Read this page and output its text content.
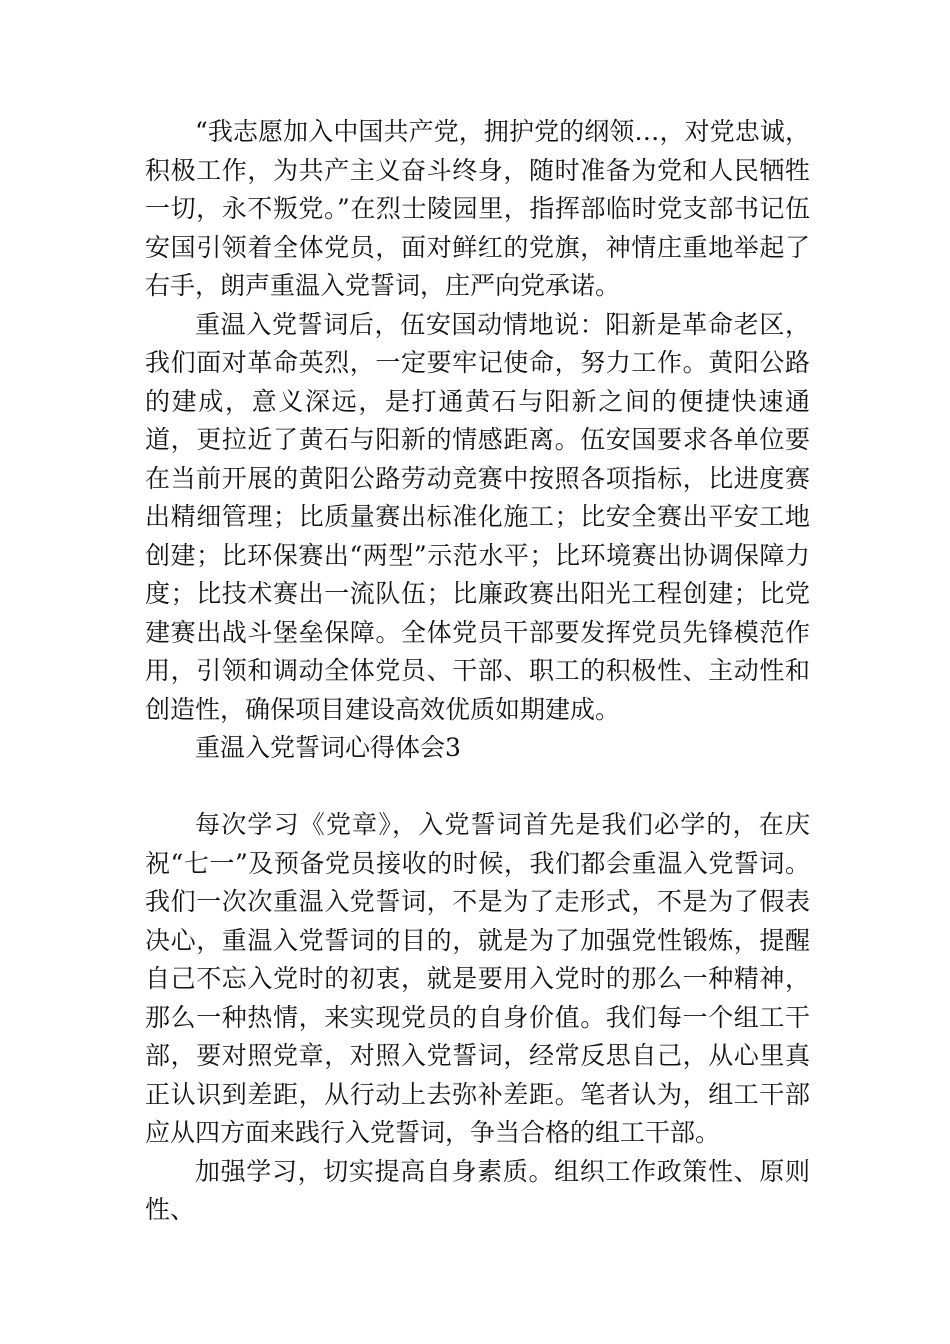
“我志愿加入中国共产党，拥护党的纲领…，对党忠诚，积极工作，为共产主义奋斗终身，随时准备为党和人民牺牲一切，永不叛党。”在烈士陵园里，指挥部临时党支部书记伍安国引领着全体党员，面对鲜红的党旗，神情庄重地举起了右手，朗声重温入党誓词，庄严向党承诺。

重温入党誓词后，伍安国动情地说：阳新是革命老区，我们面对革命英烈，一定要牢记使命，努力工作。黄阳公路的建成，意义深远，是打通黄石与阳新之间的便捷快速通道，更拉近了黄石与阳新的情感距离。伍安国要求各单位要在当前开展的黄阳公路劳动竞赛中按照各项指标，比进度赛出精细管理；比质量赛出标准化施工；比安全赛出平安工地创建；比环保赛出“两型”示范水平；比环境赛出协调保障力度；比技术赛出一流队伍；比廉政赛出阳光工程创建；比党建赛出战斗堡垒保障。全体党员干部要发挥党员先锋模范作用，引领和调动全体党员、干部、职工的积极性、主动性和创造性，确保项目建设高效优质如期建成。

重温入党誓词心得体会3

每次学习《党章》，入党誓词首先是我们必学的，在庆祝“七一”及预备党员接收的时候，我们都会重温入党誓词。我们一次次重温入党誓词，不是为了走形式，不是为了假表决心，重温入党誓词的目的，就是为了加强党性锻炼，提醒自己不忘入党时的初衷，就是要用入党时的那么一种精神，那么一种热情，来实现党员的自身价值。我们每一个组工干部，要对照党章，对照入党誓词，经常反思自己，从心里真正认识到差距，从行动上去弥补差距。笔者认为，组工干部应从四方面来践行入党誓词，争当合格的组工干部。

加强学习，切实提高自身素质。组织工作政策性、原则性、
